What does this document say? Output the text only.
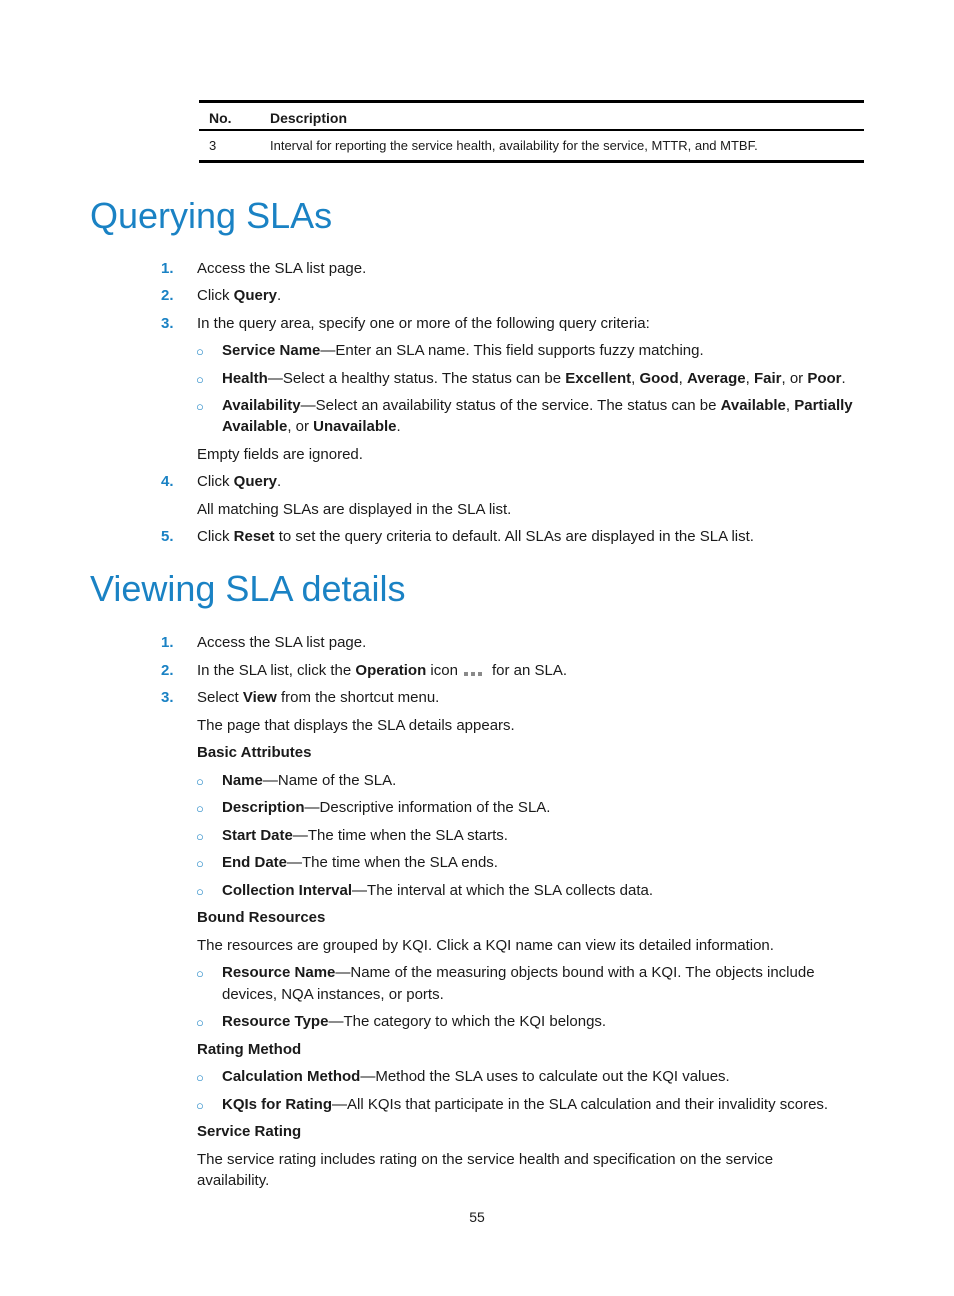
No.	Description
3	Interval for reporting the service health, availability for the service, MTTR, and MTBF.
Querying SLAs
1. Access the SLA list page.
2. Click Query.
3. In the query area, specify one or more of the following query criteria:
○ Service Name—Enter an SLA name. This field supports fuzzy matching.
○ Health—Select a healthy status. The status can be Excellent, Good, Average, Fair, or Poor.
○ Availability—Select an availability status of the service. The status can be Available, Partially
Available, or Unavailable.
Empty fields are ignored.
4. Click Query.
All matching SLAs are displayed in the SLA list.
5. Click Reset to set the query criteria to default. All SLAs are displayed in the SLA list.
Viewing SLA details
1. Access the SLA list page.
2. In the SLA list, click the Operation icon for an SLA.
3. Select View from the shortcut menu.
The page that displays the SLA details appears.
Basic Attributes
○ Name—Name of the SLA.
○ Description—Descriptive information of the SLA.
○ Start Date—The time when the SLA starts.
○ End Date—The time when the SLA ends.
○ Collection Interval—The interval at which the SLA collects data.
Bound Resources
The resources are grouped by KQI. Click a KQI name can view its detailed information.
○ Resource Name—Name of the measuring objects bound with a KQI. The objects include
devices, NQA instances, or ports.
○ Resource Type—The category to which the KQI belongs.
Rating Method
○ Calculation Method—Method the SLA uses to calculate out the KQI values.
○ KQIs for Rating—All KQIs that participate in the SLA calculation and their invalidity scores.
Service Rating
The service rating includes rating on the service health and specification on the service
availability.
55
